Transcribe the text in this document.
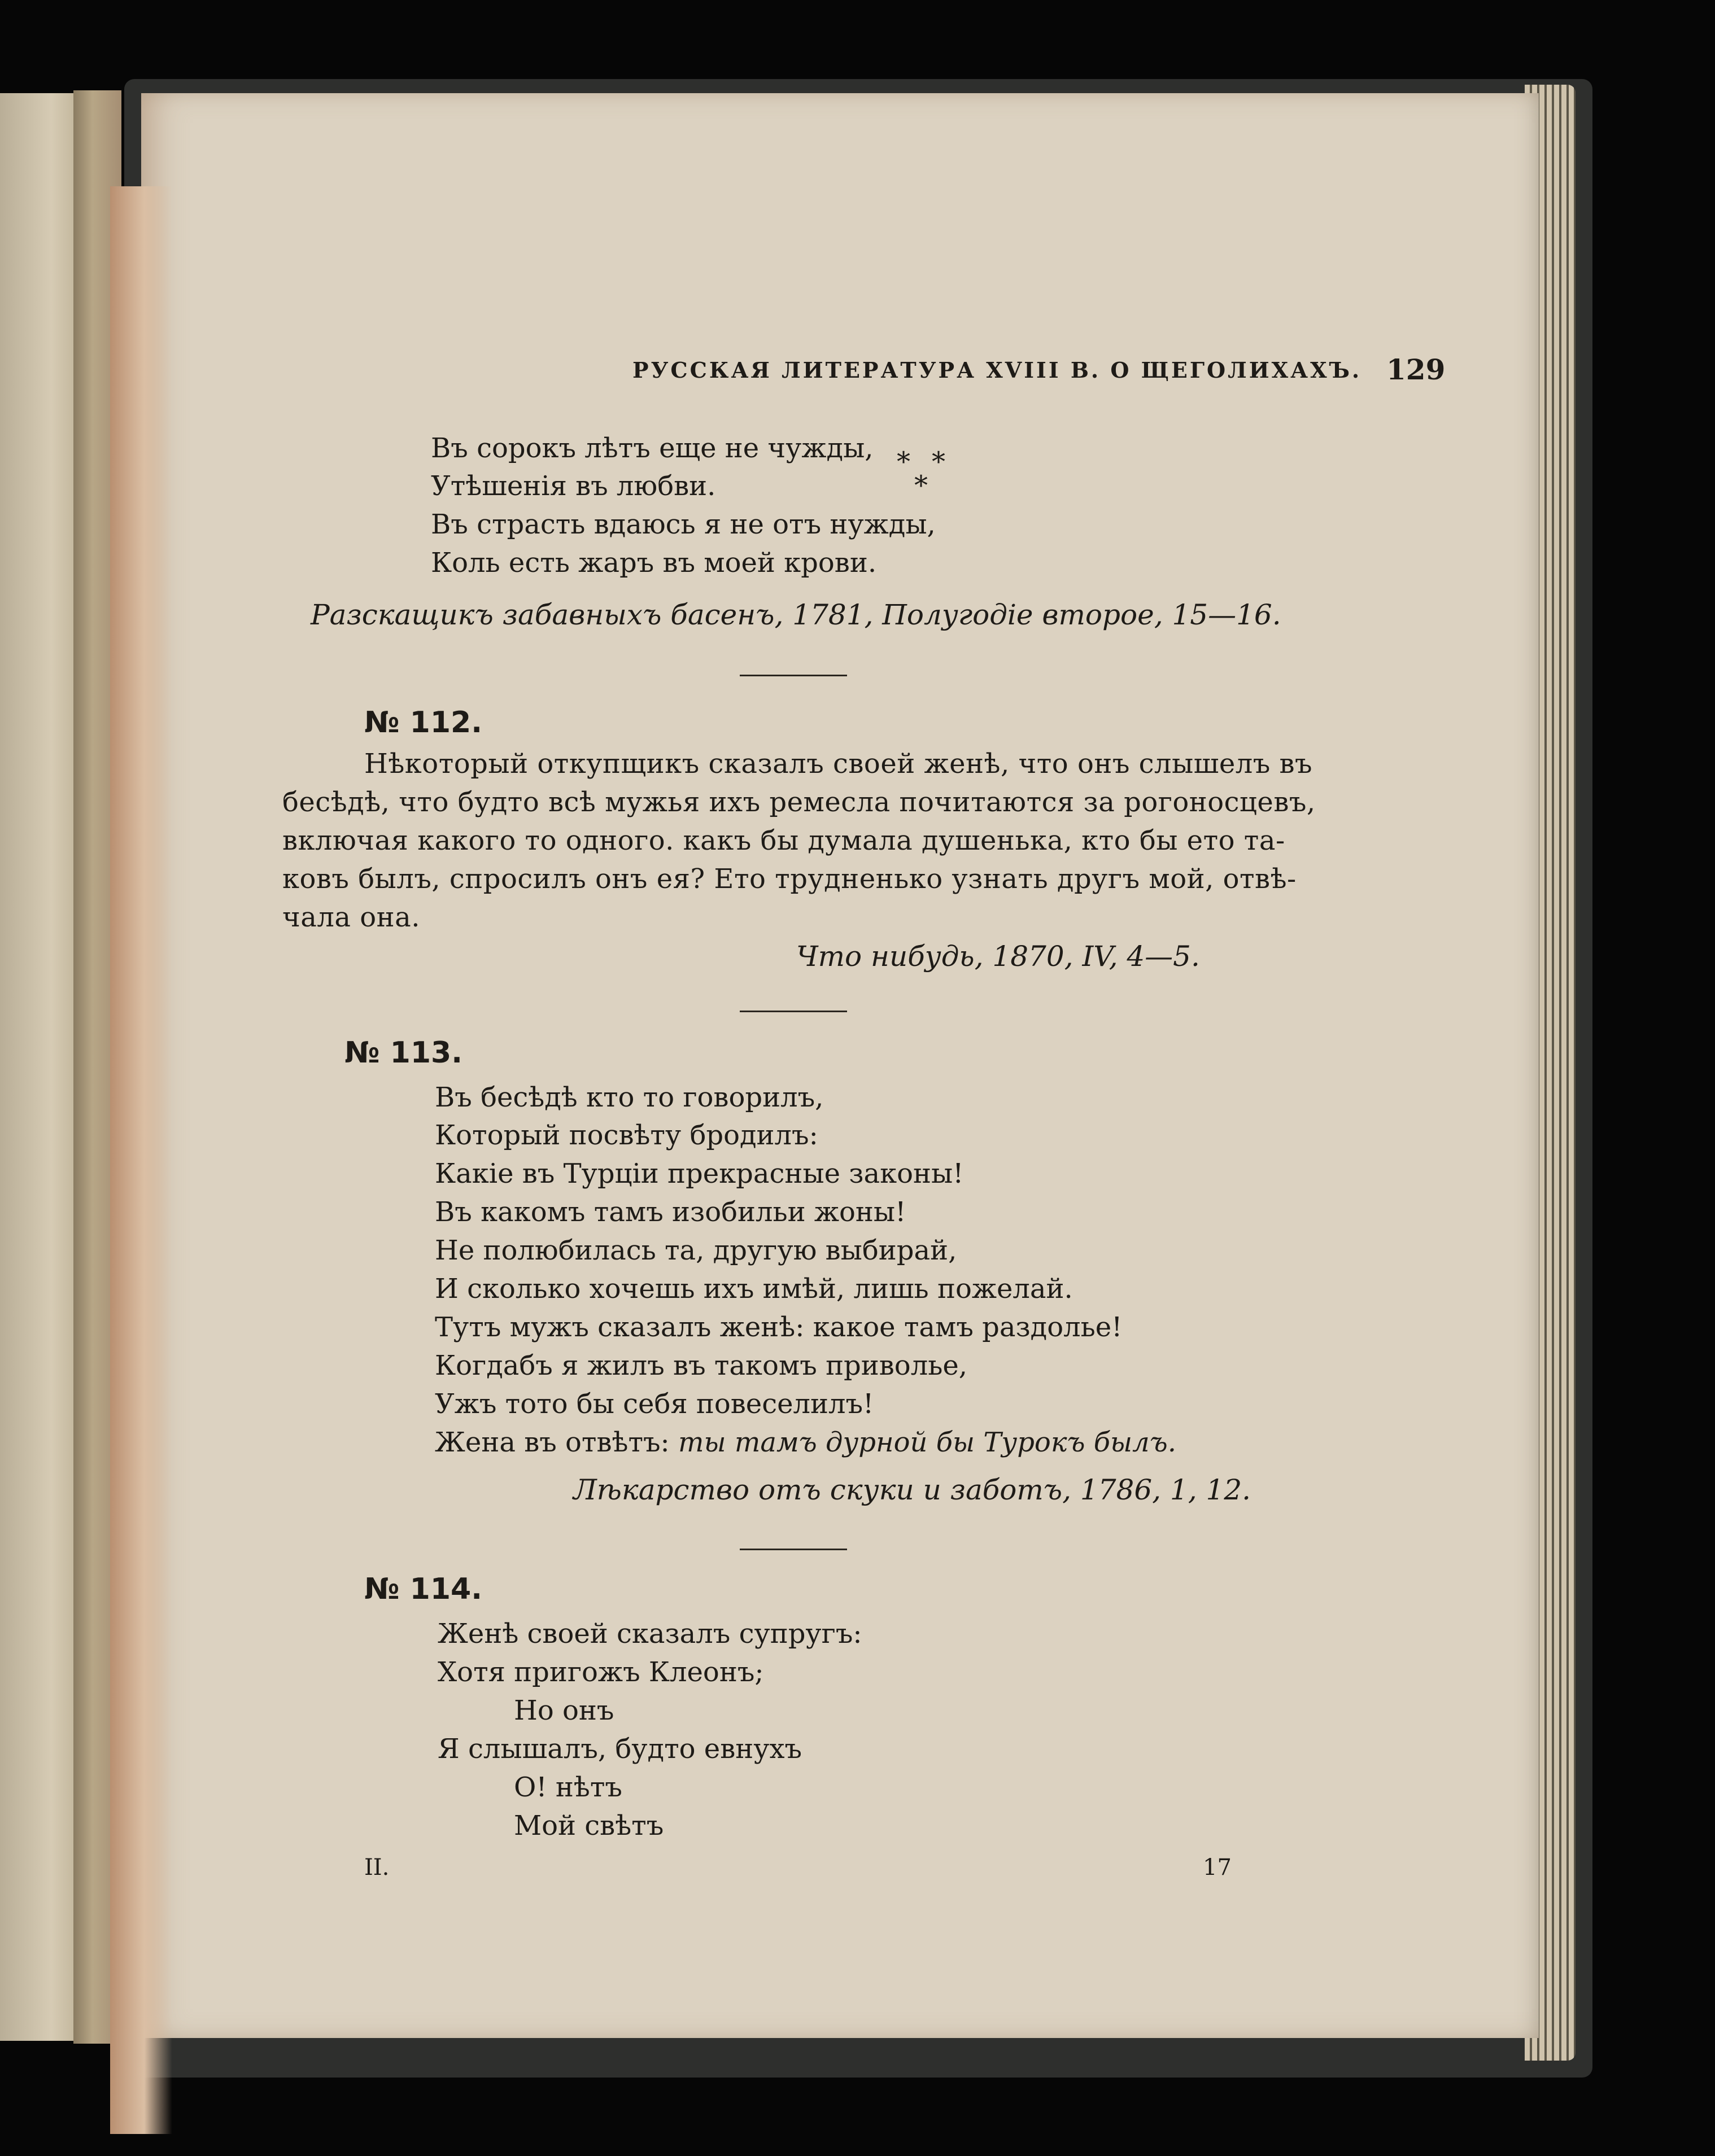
РУССКАЯ ЛИТЕРАТУРА XVIII В. О ЩЕГОЛИХАХЪ. 129
* *
*
Въ сорокъ лѣтъ еще не чужды,
Утѣшенія въ любви.
Въ страсть вдаюсь я не отъ нужды,
Коль есть жаръ въ моей крови.
Разскащикъ забавныхъ басенъ, 1781, Полугодіе второе, 15—16.
№ 112.
Нѣкоторый откупщикъ сказалъ своей женѣ, что онъ слышелъ въ
бесѣдѣ, что будто всѣ мужья ихъ ремесла почитаются за рогоносцевъ,
включая какого то одного. какъ бы думала душенька, кто бы ето та-
ковъ былъ, спросилъ онъ ея? Ето трудненько узнать другъ мой, отвѣ-
чала она.
Что нибудь, 1870, IV, 4—5.
№ 113.
Въ бесѣдѣ кто то говорилъ,
Который посвѣту бродилъ:
Какіе въ Турціи прекрасные законы!
Въ какомъ тамъ изобильи жоны!
Не полюбилась та, другую выбирай,
И сколько хочешь ихъ имѣй, лишь пожелай.
Тутъ мужъ сказалъ женѣ: какое тамъ раздолье!
Когдабъ я жилъ въ такомъ привольe,
Ужъ тото бы себя повеселилъ!
Жена въ отвѣтъ: ты тамъ дурной бы Турокъ былъ.
Лѣкарство отъ скуки и заботъ, 1786, 1, 12.
№ 114.
Женѣ своей сказалъ супругъ:
Хотя пригожъ Клеонъ;
Но онъ
Я слышалъ, будто евнухъ
О! нѣтъ
Мой свѣтъ
II.	17
